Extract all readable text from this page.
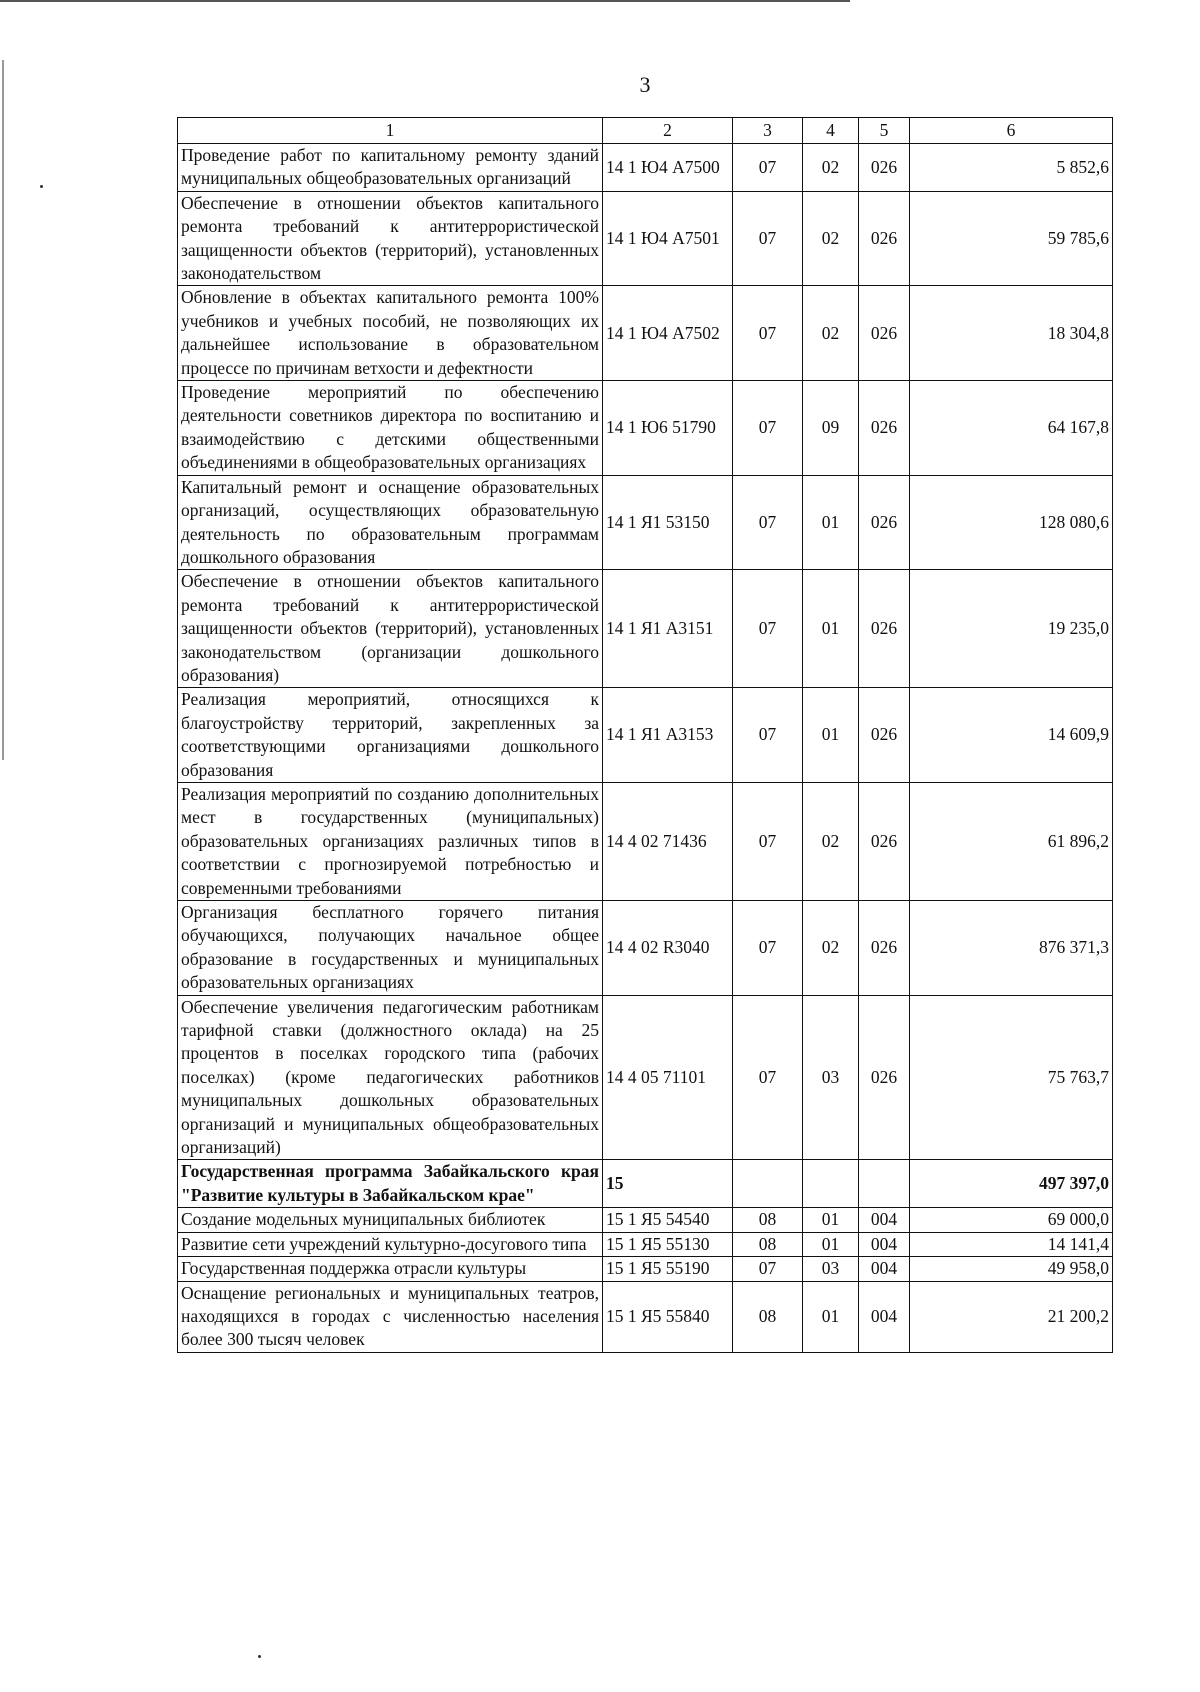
3
1	2	3	4	5	6
Проведение работ по капитальному ремонту зданий муниципальных общеобразовательных организаций	14 1 Ю4 А7500	07	02	026	5 852,6
Обеспечение в отношении объектов капитального ремонта требований к антитеррористической защищенности объектов (территорий), установленных законодательством	14 1 Ю4 А7501	07	02	026	59 785,6
Обновление в объектах капитального ремонта 100% учебников и учебных пособий, не позволяющих их дальнейшее использование в образовательном процессе по причинам ветхости и дефектности	14 1 Ю4 А7502	07	02	026	18 304,8
Проведение мероприятий по обеспечению деятельности советников директора по воспитанию и взаимодействию с детскими общественными объединениями в общеобразовательных организациях	14 1 Ю6 51790	07	09	026	64 167,8
Капитальный ремонт и оснащение образовательных организаций, осуществляющих образовательную деятельность по образовательным программам дошкольного образования	14 1 Я1 53150	07	01	026	128 080,6
Обеспечение в отношении объектов капитального ремонта требований к антитеррористической защищенности объектов (территорий), установленных законодательством (организации дошкольного образования)	14 1 Я1 А3151	07	01	026	19 235,0
Реализация мероприятий, относящихся к благоустройству территорий, закрепленных за соответствующими организациями дошкольного образования	14 1 Я1 А3153	07	01	026	14 609,9
Реализация мероприятий по созданию дополнительных мест в государственных (муниципальных) образовательных организациях различных типов в соответствии с прогнозируемой потребностью и современными требованиями	14 4 02 71436	07	02	026	61 896,2
Организация бесплатного горячего питания обучающихся, получающих начальное общее образование в государственных и муниципальных образовательных организациях	14 4 02 R3040	07	02	026	876 371,3
Обеспечение увеличения педагогическим работникам тарифной ставки (должностного оклада) на 25 процентов в поселках городского типа (рабочих поселках) (кроме педагогических работников муниципальных дошкольных образовательных организаций и муниципальных общеобразовательных организаций)	14 4 05 71101	07	03	026	75 763,7
Государственная программа Забайкальского края "Развитие культуры в Забайкальском крае"	15				497 397,0
Создание модельных муниципальных библиотек	15 1 Я5 54540	08	01	004	69 000,0
Развитие сети учреждений культурно-досугового типа	15 1 Я5 55130	08	01	004	14 141,4
Государственная поддержка отрасли культуры	15 1 Я5 55190	07	03	004	49 958,0
Оснащение региональных и муниципальных театров, находящихся в городах с численностью населения более 300 тысяч человек	15 1 Я5 55840	08	01	004	21 200,2
